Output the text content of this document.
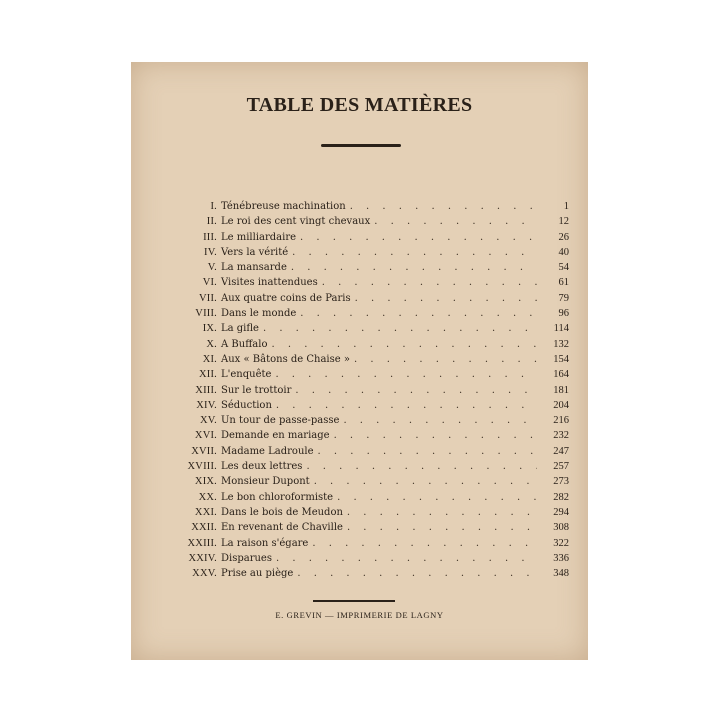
TABLE DES MATIÈRES
I. Ténébreuse machination . . .	1
II. Le roi des cent vingt chevaux . . .	12
III. Le milliardaire . . .	26
IV. Vers la vérité . . .	40
V. La mansarde . . .	54
VI. Visites inattendues . . .	61
VII. Aux quatre coins de Paris . . .	79
VIII. Dans le monde . . .	96
IX. La gifle . . .	114
X. A Buffalo . . .	132
XI. Aux « Bâtons de Chaise » . . .	154
XII. L'enquête . . .	164
XIII. Sur le trottoir . . .	181
XIV. Séduction . . .	204
XV. Un tour de passe-passe . . .	216
XVI. Demande en mariage . . .	232
XVII. Madame Ladroule . . .	247
XVIII. Les deux lettres . . .	257
XIX. Monsieur Dupont . . .	273
XX. Le bon chloroformiste . . .	282
XXI. Dans le bois de Meudon . . .	294
XXII. En revenant de Chaville . . .	308
XXIII. La raison s'égare . . .	322
XXIV. Disparues . . .	336
XXV. Prise au piège . . .	348

E. GREVIN — IMPRIMERIE DE LAGNY
